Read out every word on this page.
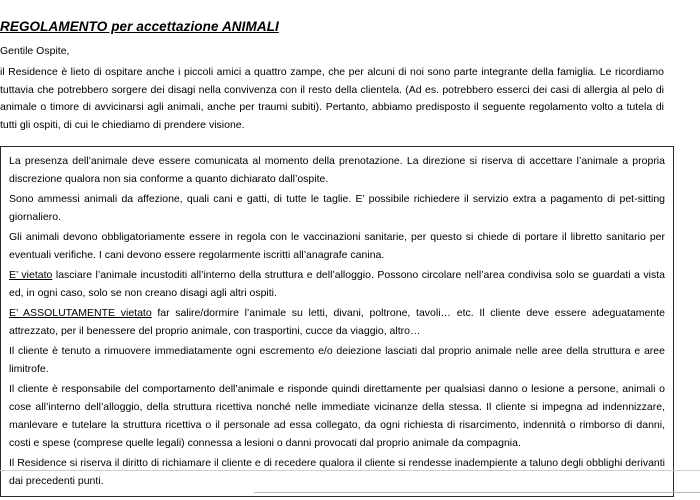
REGOLAMENTO per accettazione ANIMALI
Gentile Ospite,
il Residence è lieto di ospitare anche i piccoli amici a quattro zampe, che per alcuni di noi sono parte integrante della famiglia. Le ricordiamo tuttavia che potrebbero sorgere dei disagi nella convivenza con il resto della clientela. (Ad es. potrebbero esserci dei casi di allergia al pelo di animale o timore di avvicinarsi agli animali, anche per traumi subiti). Pertanto, abbiamo predisposto il seguente regolamento volto a tutela di tutti gli ospiti, di cui le chiediamo di prendere visione.

La presenza dell’animale deve essere comunicata al momento della prenotazione. La direzione si riserva di accettare l’animale a propria discrezione qualora non sia conforme a quanto dichiarato dall’ospite.

Sono ammessi animali da affezione, quali cani e gatti, di tutte le taglie. E’ possibile richiedere il servizio extra a pagamento di pet-sitting giornaliero.

Gli animali devono obbligatoriamente essere in regola con le vaccinazioni sanitarie, per questo si chiede di portare il libretto sanitario per eventuali verifiche. I cani devono essere regolarmente iscritti all’anagrafe canina.

E’ vietato lasciare l’animale incustoditi all’interno della struttura e dell’alloggio. Possono circolare nell’area condivisa solo se guardati a vista ed, in ogni caso, solo se non creano disagi agli altri ospiti.

E’ ASSOLUTAMENTE vietato far salire/dormire l’animale su letti, divani, poltrone, tavoli… etc. Il cliente deve essere adeguatamente attrezzato, per il benessere del proprio animale, con trasportini, cucce da viaggio, altro…

Il cliente è tenuto a rimuovere immediatamente ogni escremento e/o deiezione lasciati dal proprio animale nelle aree della struttura e aree limitrofe.

Il cliente è responsabile del comportamento dell’animale e risponde quindi direttamente per qualsiasi danno o lesione a persone, animali o cose all’interno dell’alloggio, della struttura ricettiva nonché nelle immediate vicinanze della stessa. Il cliente si impegna ad indennizzare, manlevare e tutelare la struttura ricettiva o il personale ad essa collegato, da ogni richiesta di risarcimento, indennità o rimborso di danni, costi e spese (comprese quelle legali) connessa a lesioni o danni provocati dal proprio animale da compagnia.

Il Residence si riserva il diritto di richiamare il cliente e di recedere qualora il cliente si rendesse inadempiente a taluno degli obblighi derivanti dai precedenti punti.
